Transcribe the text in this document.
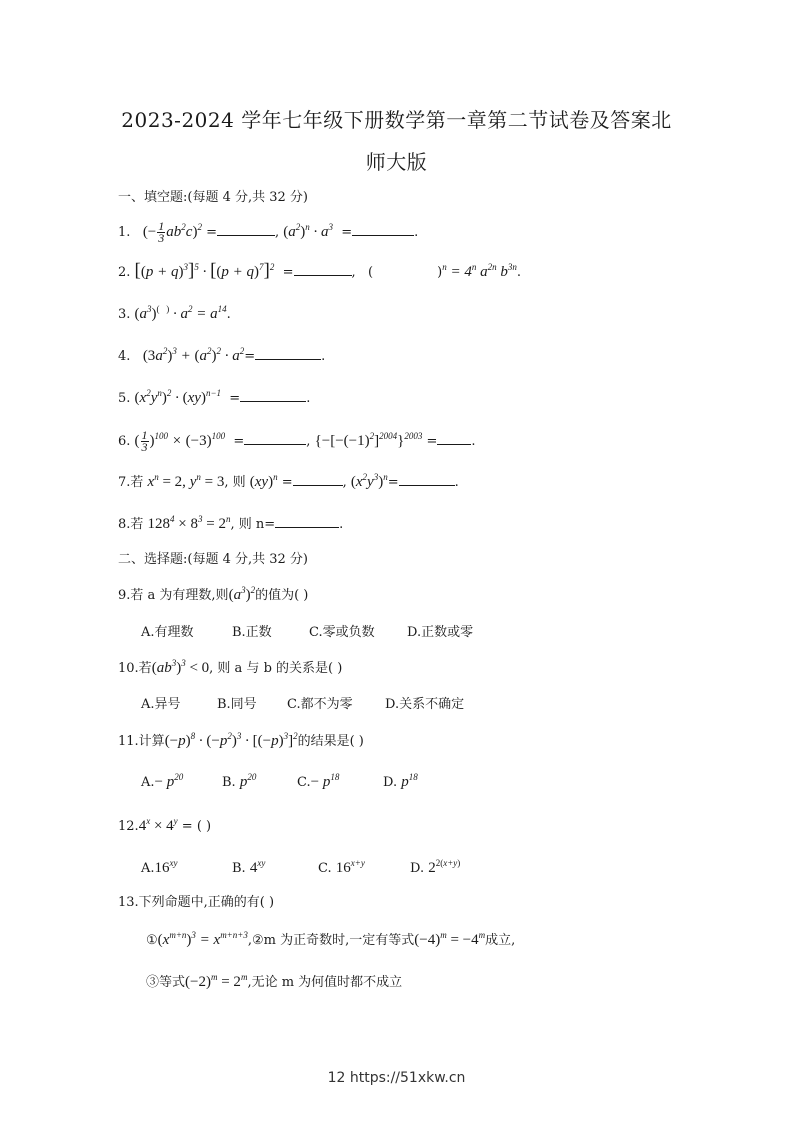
2023-2024 学年七年级下册数学第一章第二节试卷及答案北
师大版
一、填空题:(每题 4 分,共 32 分)
1. (− $\frac{1}{3} ab^2c)^2$ =	, $(a^2)^n \cdot a^3$  =	.
2. $[(p + q)^3]^5 \cdot [(p + q)^7]^2$  =	,   (	)$^n = 4^n$ $a^{2n}$ $b^{3n}$.
3. $(a^3)^{( )} \cdot a^2 = a^{14}$.
4. $(3a^2)^3 + (a^2)^2 \cdot a^2=$	.
5. $(x^2y^n)^2 \cdot (xy)^{n-1}$  =	.
6. ( $\frac{1}{3} )^{100} \times (-3)^{100}$  =	, $\{-[-(-1)^2]^{2004}\}^{2003}$ =	.
7.若 $x^n = 2$, $y^n = 3$, 则 (xy)$^n$ =	, $(x^2y^3)^n=$	.
8.若 $128^4 \times 8^3 = 2^n$, 则 n=	.
二、选择题:(每题 4 分,共 32 分)
9.若 a 为有理数,则$(a^3)^2$的值为( )
A.有理数	B.正数	C.零或负数 D.正数或零
10.若$(ab^3)^3 < 0$, 则 a 与 b 的关系是( )
A.异号	B.同号 C.都不为零 D.关系不确定
11.计算$(-p)^8 \cdot (-p^2)^3 \cdot [(-p)^3]^2$的结果是( )
$A.- p^{20}$	B. $p^{20}$	$C.- p^{18}$	D. $p^{18}$
$12.4^x \times 4^y$ = ( )
$A.16^{xy}$	B. $4^{xy}$	C. $16^{x+y}$	D. $2^{2(x+y)}$
13.下列命题中,正确的有( )
$①(x^{m+n})^3$ = $x^{m+n+3},②m$ 为正奇数时,一定有等式$(-4)^m = -4^m$成立,
③等式$(-2)^m = 2^m$,无论 m 为何值时都不成立
12 https://51xkw.cn
